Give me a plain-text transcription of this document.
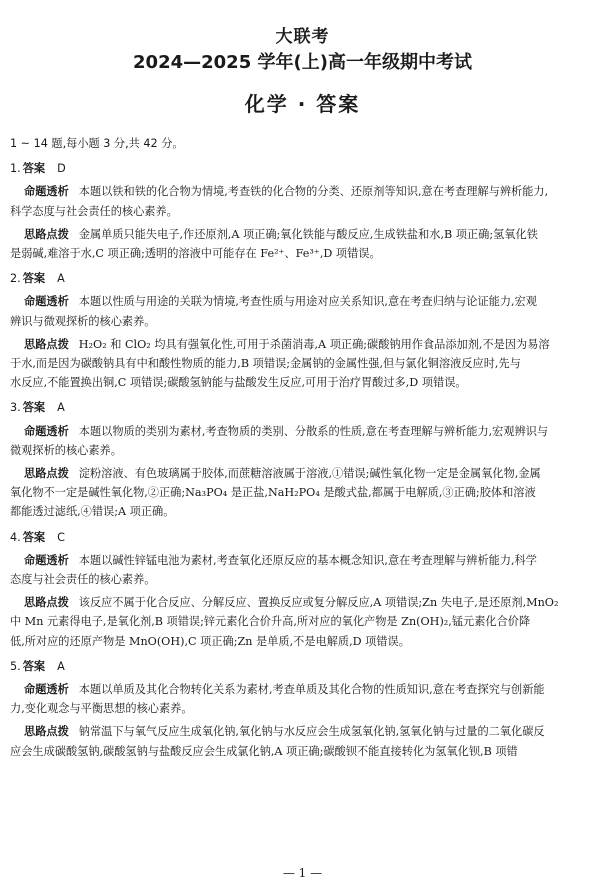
大联考
2024—2025 学年(上)高一年级期中考试
化学 · 答案
1 ~ 14 题,每小题 3 分,共 42 分。
1. 答案 D
命题透析 本题以铁和铁的化合物为情境,考查铁的化合物的分类、还原剂等知识,意在考查理解与辨析能力,
科学态度与社会责任的核心素养。
思路点拨 金属单质只能失电子,作还原剂,A 项正确;氧化铁能与酸反应,生成铁盐和水,B 项正确;氢氧化铁
是弱碱,难溶于水,C 项正确;透明的溶液中可能存在 Fe²⁺、Fe³⁺,D 项错误。
2. 答案 A
命题透析 本题以性质与用途的关联为情境,考查性质与用途对应关系知识,意在考查归纳与论证能力,宏观
辨识与微观探析的核心素养。
思路点拨 H₂O₂ 和 ClO₂ 均具有强氧化性,可用于杀菌消毒,A 项正确;碳酸钠用作食品添加剂,不是因为易溶
于水,而是因为碳酸钠具有中和酸性物质的能力,B 项错误;金属钠的金属性强,但与氯化铜溶液反应时,先与
水反应,不能置换出铜,C 项错误;碳酸氢钠能与盐酸发生反应,可用于治疗胃酸过多,D 项错误。
3. 答案 A
命题透析 本题以物质的类别为素材,考查物质的类别、分散系的性质,意在考查理解与辨析能力,宏观辨识与
微观探析的核心素养。
思路点拨 淀粉溶液、有色玻璃属于胶体,而蔗糖溶液属于溶液,①错误;碱性氧化物一定是金属氧化物,金属
氧化物不一定是碱性氧化物,②正确;Na₃PO₄ 是正盐,NaH₂PO₄ 是酸式盐,都属于电解质,③正确;胶体和溶液
都能透过滤纸,④错误;A 项正确。
4. 答案 C
命题透析 本题以碱性锌锰电池为素材,考查氧化还原反应的基本概念知识,意在考查理解与辨析能力,科学
态度与社会责任的核心素养。
思路点拨 该反应不属于化合反应、分解反应、置换反应或复分解反应,A 项错误;Zn 失电子,是还原剂,MnO₂
中 Mn 元素得电子,是氧化剂,B 项错误;锌元素化合价升高,所对应的氧化产物是 Zn(OH)₂,锰元素化合价降
低,所对应的还原产物是 MnO(OH),C 项正确;Zn 是单质,不是电解质,D 项错误。
5. 答案 A
命题透析 本题以单质及其化合物转化关系为素材,考查单质及其化合物的性质知识,意在考查探究与创新能
力,变化观念与平衡思想的核心素养。
思路点拨 钠常温下与氧气反应生成氧化钠,氧化钠与水反应会生成氢氧化钠,氢氧化钠与过量的二氧化碳反
应会生成碳酸氢钠,碳酸氢钠与盐酸反应会生成氯化钠,A 项正确;碳酸钡不能直接转化为氢氧化钡,B 项错
— 1 —
